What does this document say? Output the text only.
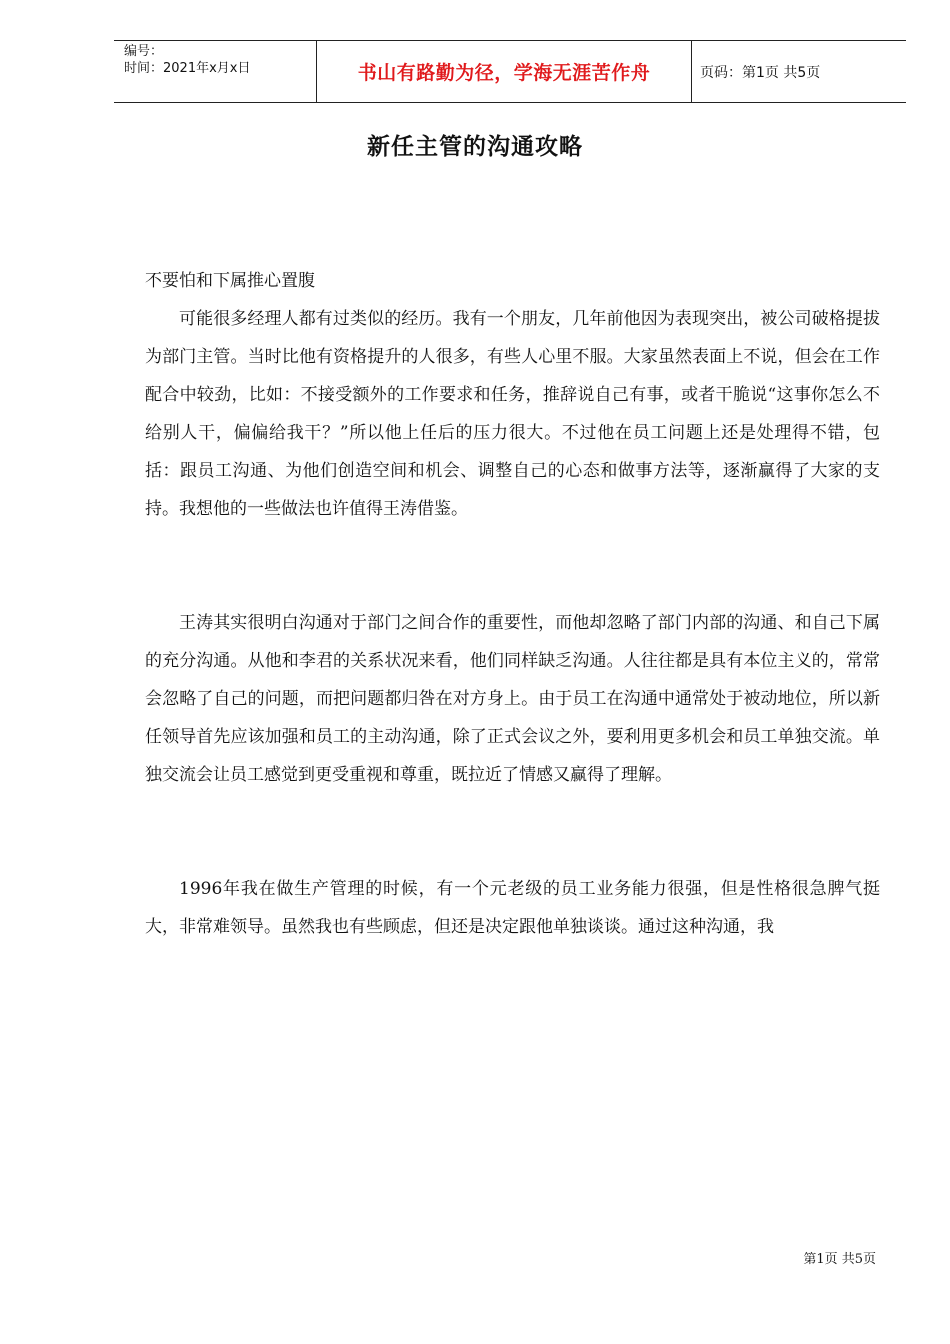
编号：
时间：2021年x月x日	书山有路勤为径，学海无涯苦作舟	页码：第1页 共5页
新任主管的沟通攻略

不要怕和下属推心置腹

可能很多经理人都有过类似的经历。我有一个朋友，几年前他因为表现突出，被公司破格提拔为部门主管。当时比他有资格提升的人很多，有些人心里不服。大家虽然表面上不说，但会在工作配合中较劲，比如：不接受额外的工作要求和任务，推辞说自己有事，或者干脆说“这事你怎么不给别人干，偏偏给我干？”所以他上任后的压力很大。不过他在员工问题上还是处理得不错，包括：跟员工沟通、为他们创造空间和机会、调整自己的心态和做事方法等，逐渐赢得了大家的支持。我想他的一些做法也许值得王涛借鉴。

王涛其实很明白沟通对于部门之间合作的重要性，而他却忽略了部门内部的沟通、和自己下属的充分沟通。从他和李君的关系状况来看，他们同样缺乏沟通。人往往都是具有本位主义的，常常会忽略了自己的问题，而把问题都归咎在对方身上。由于员工在沟通中通常处于被动地位，所以新任领导首先应该加强和员工的主动沟通，除了正式会议之外，要利用更多机会和员工单独交流。单独交流会让员工感觉到更受重视和尊重，既拉近了情感又赢得了理解。

1996年我在做生产管理的时候，有一个元老级的员工业务能力很强，但是性格很急脾气挺大，非常难领导。虽然我也有些顾虑，但还是决定跟他单独谈谈。通过这种沟通，我

第1页 共5页
